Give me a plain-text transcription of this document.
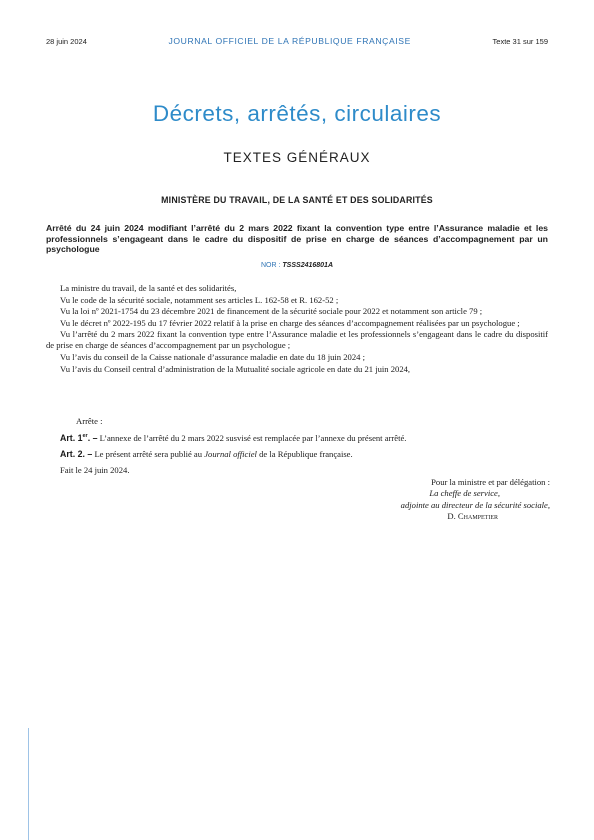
28 juin 2024	JOURNAL OFFICIEL DE LA RÉPUBLIQUE FRANÇAISE	Texte 31 sur 159
Décrets, arrêtés, circulaires
TEXTES GÉNÉRAUX
MINISTÈRE DU TRAVAIL, DE LA SANTÉ ET DES SOLIDARITÉS
Arrêté du 24 juin 2024 modifiant l’arrêté du 2 mars 2022 fixant la convention type entre l’Assurance maladie et les professionnels s’engageant dans le cadre du dispositif de prise en charge de séances d’accompagnement par un psychologue
NOR : TSSS2416801A

La ministre du travail, de la santé et des solidarités,

Vu le code de la sécurité sociale, notamment ses articles L. 162-58 et R. 162-52 ;

Vu la loi nº 2021-1754 du 23 décembre 2021 de financement de la sécurité sociale pour 2022 et notamment son article 79 ;

Vu le décret nº 2022-195 du 17 février 2022 relatif à la prise en charge des séances d’accompagnement réalisées par un psychologue ;

Vu l’arrêté du 2 mars 2022 fixant la convention type entre l’Assurance maladie et les professionnels s’engageant dans le cadre du dispositif de prise en charge de séances d’accompagnement par un psychologue ;

Vu l’avis du conseil de la Caisse nationale d’assurance maladie en date du 18 juin 2024 ;

Vu l’avis du Conseil central d’administration de la Mutualité sociale agricole en date du 21 juin 2024,

Arrête :

Art. 1er. – L’annexe de l’arrêté du 2 mars 2022 susvisé est remplacée par l’annexe du présent arrêté.

Art. 2. – Le présent arrêté sera publié au Journal officiel de la République française.

Fait le 24 juin 2024.

Pour la ministre et par délégation :
La cheffe de service,
adjointe au directeur de la sécurité sociale,
D. Champetier
